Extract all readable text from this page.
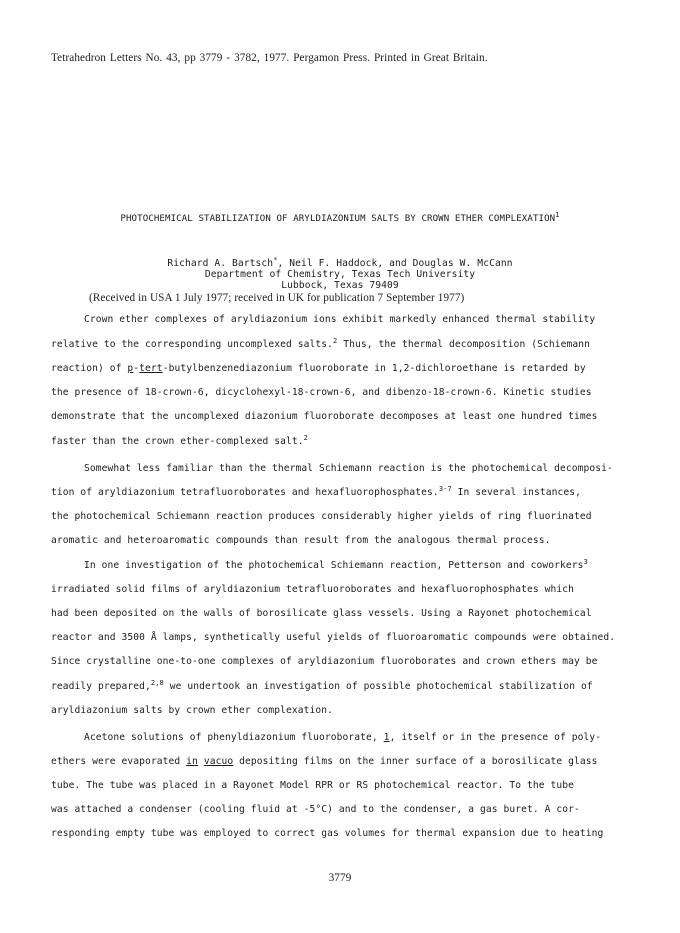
Tetrahedron Letters No. 43, pp 3779 - 3782, 1977. Pergamon Press. Printed in Great Britain.
PHOTOCHEMICAL STABILIZATION OF ARYLDIAZONIUM SALTS BY CROWN ETHER COMPLEXATION$^1$
Richard A. Bartsch*, Neil F. Haddock, and Douglas W. McCann
Department of Chemistry, Texas Tech University
Lubbock, Texas 79409
(Received in USA 1 July 1977; received in UK for publication 7 September 1977)
Crown ether complexes of aryldiazonium ions exhibit markedly enhanced thermal stability
relative to the corresponding uncomplexed salts.$^2$ Thus, the thermal decomposition (Schiemann
reaction) of p-tert-butylbenzenediazonium fluoroborate in 1,2-dichloroethane is retarded by
the presence of 18-crown-6, dicyclohexyl-18-crown-6, and dibenzo-18-crown-6. Kinetic studies
demonstrate that the uncomplexed diazonium fluoroborate decomposes at least one hundred times
faster than the crown ether-complexed salt.$^2$
Somewhat less familiar than the thermal Schiemann reaction is the photochemical decomposi-
tion of aryldiazonium tetrafluoroborates and hexafluorophosphates.$^{3-7}$ In several instances,
the photochemical Schiemann reaction produces considerably higher yields of ring fluorinated
aromatic and heteroaromatic compounds than result from the analogous thermal process.
In one investigation of the photochemical Schiemann reaction, Petterson and coworkers$^3$
irradiated solid films of aryldiazonium tetrafluoroborates and hexafluorophosphates which
had been deposited on the walls of borosilicate glass vessels. Using a Rayonet photochemical
reactor and 3500 Å lamps, synthetically useful yields of fluoroaromatic compounds were obtained.
Since crystalline one-to-one complexes of aryldiazonium fluoroborates and crown ethers may be
readily prepared,$^{2,8}$ we undertook an investigation of possible photochemical stabilization of
aryldiazonium salts by crown ether complexation.
Acetone solutions of phenyldiazonium fluoroborate, 1, itself or in the presence of poly-
ethers were evaporated in vacuo depositing films on the inner surface of a borosilicate glass
tube. The tube was placed in a Rayonet Model RPR or RS photochemical reactor. To the tube
was attached a condenser (cooling fluid at -5°C) and to the condenser, a gas buret. A cor-
responding empty tube was employed to correct gas volumes for thermal expansion due to heating
3779
